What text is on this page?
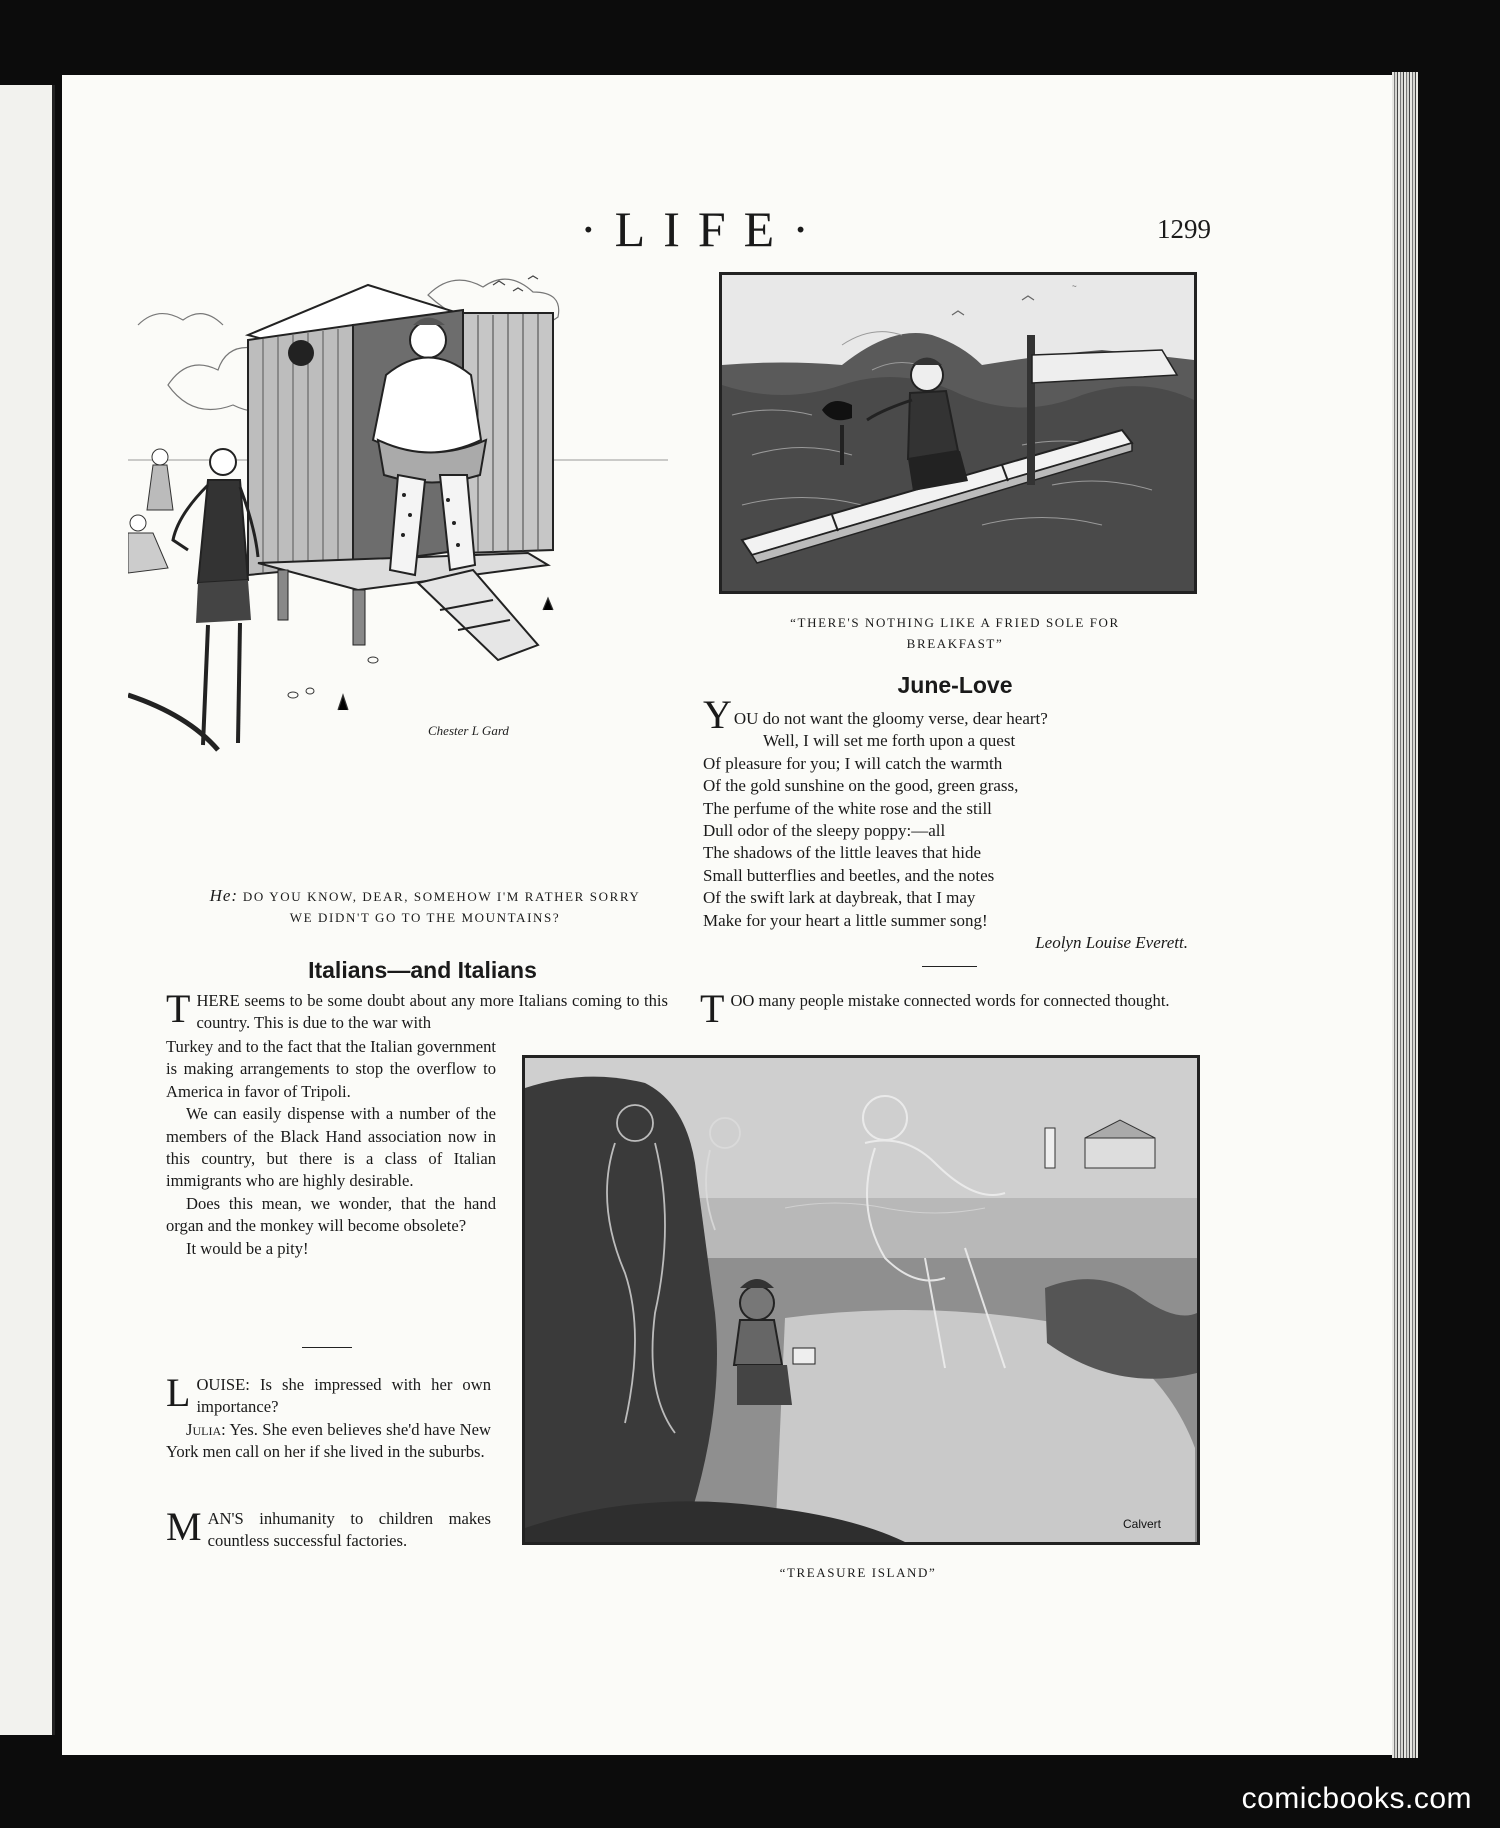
·LIFE·	1299
Chester L Gard
He: DO YOU KNOW, DEAR, SOMEHOW I'M RATHER SORRY
WE DIDN'T GO TO THE MOUNTAINS?
~
“THERE'S NOTHING LIKE A FRIED SOLE FOR
BREAKFAST”
June-Love
YOU do not want the gloomy verse, dear heart?
Well, I will set me forth upon a quest
Of pleasure for you; I will catch the warmth
Of the gold sunshine on the good, green grass,
The perfume of the white rose and the still
Dull odor of the sleepy poppy:—all
The shadows of the little leaves that hide
Small butterflies and beetles, and the notes
Of the swift lark at daybreak, that I may
Make for your heart a little summer song!
Leolyn Louise Everett.
Italians—and Italians
T HERE seems to be some doubt about any more Italians coming to this country. This is due to the war with

Turkey and to the fact that the Italian government is making arrangements to stop the overflow to America in favor of Tripoli.

We can easily dispense with a number of the members of the Black Hand association now in this country, but there is a class of Italian immigrants who are highly desirable.

Does this mean, we wonder, that the hand organ and the monkey will become obsolete?

It would be a pity!

LOUISE: Is she impressed with her own importance?

Julia: Yes. She even believes she'd have New York men call on her if she lived in the suburbs.

M AN'S inhumanity to children makes countless successful factories.
T OO many people mistake connected words for connected thought.
Calvert
“TREASURE ISLAND”
comicbooks.com
